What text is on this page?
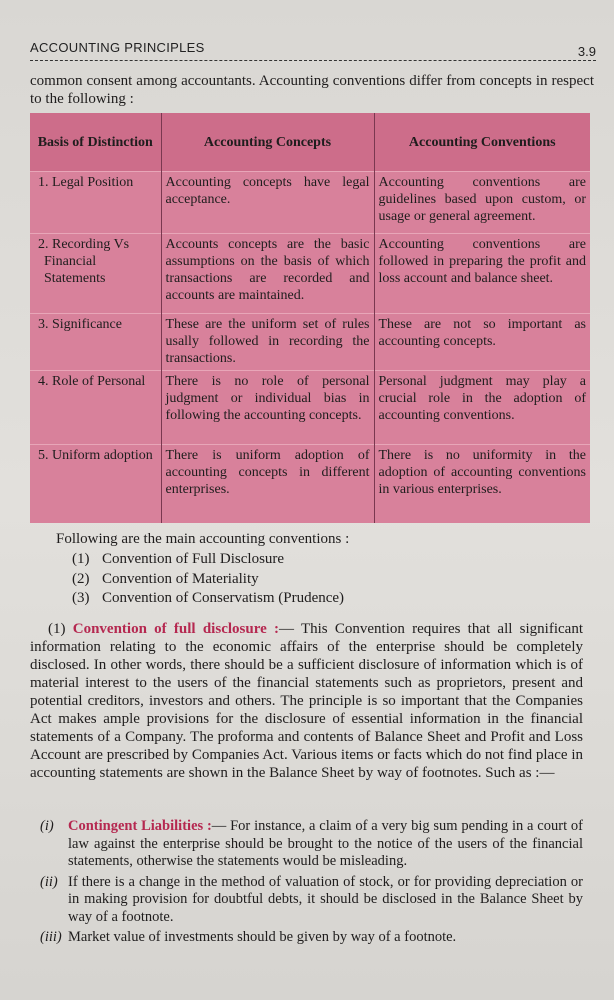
ACCOUNTING PRINCIPLES	3.9
common consent among accountants. Accounting conventions differ from concepts in respect to the following :
Basis of Distinction	Accounting Concepts	Accounting Conventions
1. Legal Position	Accounting concepts have legal acceptance.	Accounting conventions are guidelines based upon custom, or usage or general agreement.
2. Recording Vs Financial Statements	Accounts concepts are the basic assumptions on the basis of which transactions are recorded and accounts are maintained.	Accounting conventions are followed in preparing the profit and loss account and balance sheet.
3. Significance	These are the uniform set of rules usally followed in recording the transactions.	These are not so important as accounting concepts.
4. Role of Personal	There is no role of personal judgment or individual bias in following the accounting concepts.	Personal judgment may play a crucial role in the adoption of accounting conventions.
5. Uniform adoption	There is uniform adoption of accounting concepts in different enterprises.	There is no uniformity in the adoption of accounting conventions in various enterprises.
Following are the main accounting conventions :
(1) Convention of Full Disclosure
(2) Convention of Materiality
(3) Convention of Conservatism (Prudence)
(1) Convention of full disclosure :— This Convention requires that all significant information relating to the economic affairs of the enterprise should be completely disclosed. In other words, there should be a sufficient disclosure of information which is of material interest to the users of the financial statements such as proprietors, present and potential creditors, investors and others. The principle is so important that the Companies Act makes ample provisions for the disclosure of essential information in the financial statements of a Company. The proforma and contents of Balance Sheet and Profit and Loss Account are prescribed by Companies Act. Various items or facts which do not find place in accounting statements are shown in the Balance Sheet by way of footnotes. Such as :—
(i) Contingent Liabilities :— For instance, a claim of a very big sum pending in a court of law against the enterprise should be brought to the notice of the users of the financial statements, otherwise the statements would be misleading.
(ii) If there is a change in the method of valuation of stock, or for providing depreciation or in making provision for doubtful debts, it should be disclosed in the Balance Sheet by way of a footnote.
(iii) Market value of investments should be given by way of a footnote.
